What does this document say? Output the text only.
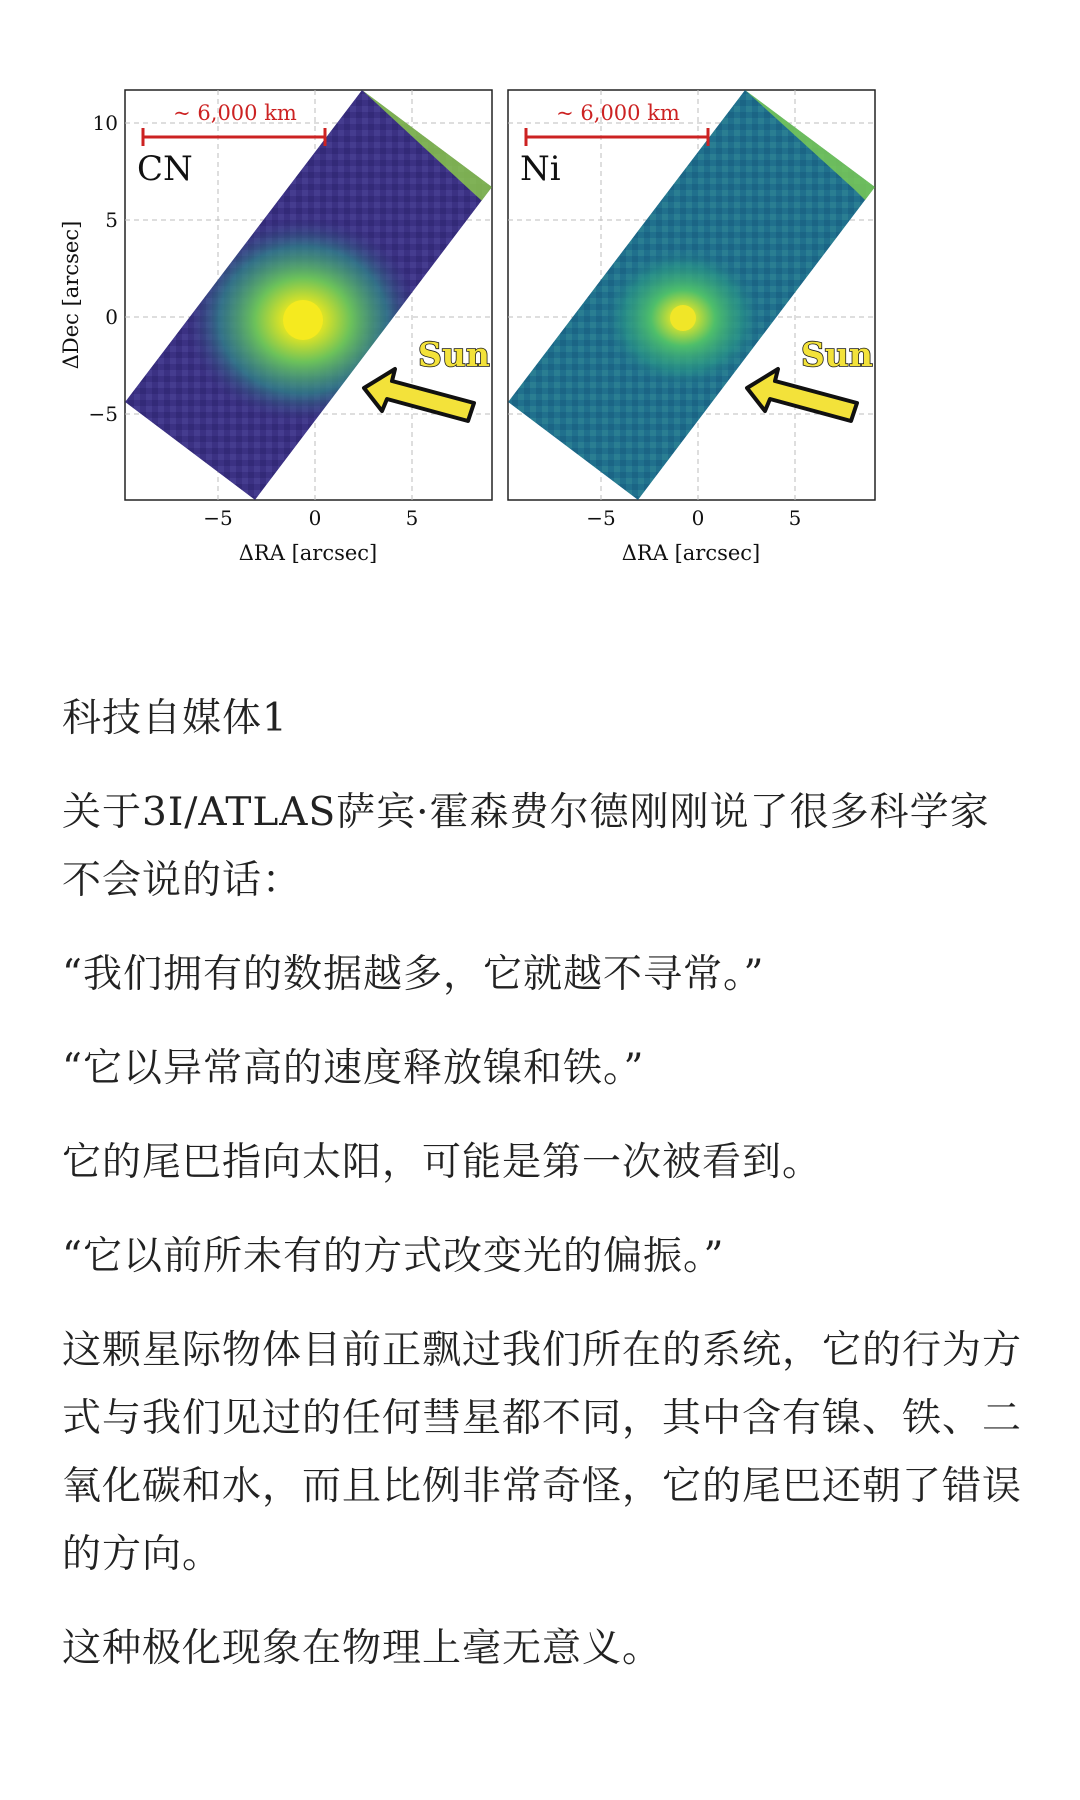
~ 6,000 km
CN
Sun
10
5
0
−5
−5	0	5
ΔRA [arcsec]
ΔDec [arcsec]
~ 6,000 km
Ni
Sun
−5	0	5
ΔRA [arcsec]

科技自媒体1

关于3I/ATLAS萨宾·霍森费尔德刚刚说了很多科学家不会说的话：

“我们拥有的数据越多，它就越不寻常。”

“它以异常高的速度释放镍和铁。”

它的尾巴指向太阳，可能是第一次被看到。

“它以前所未有的方式改变光的偏振。”

这颗星际物体目前正飘过我们所在的系统，它的行为方式与我们见过的任何彗星都不同，其中含有镍、铁、二氧化碳和水，而且比例非常奇怪，它的尾巴还朝了错误的方向。

这种极化现象在物理上毫无意义。
